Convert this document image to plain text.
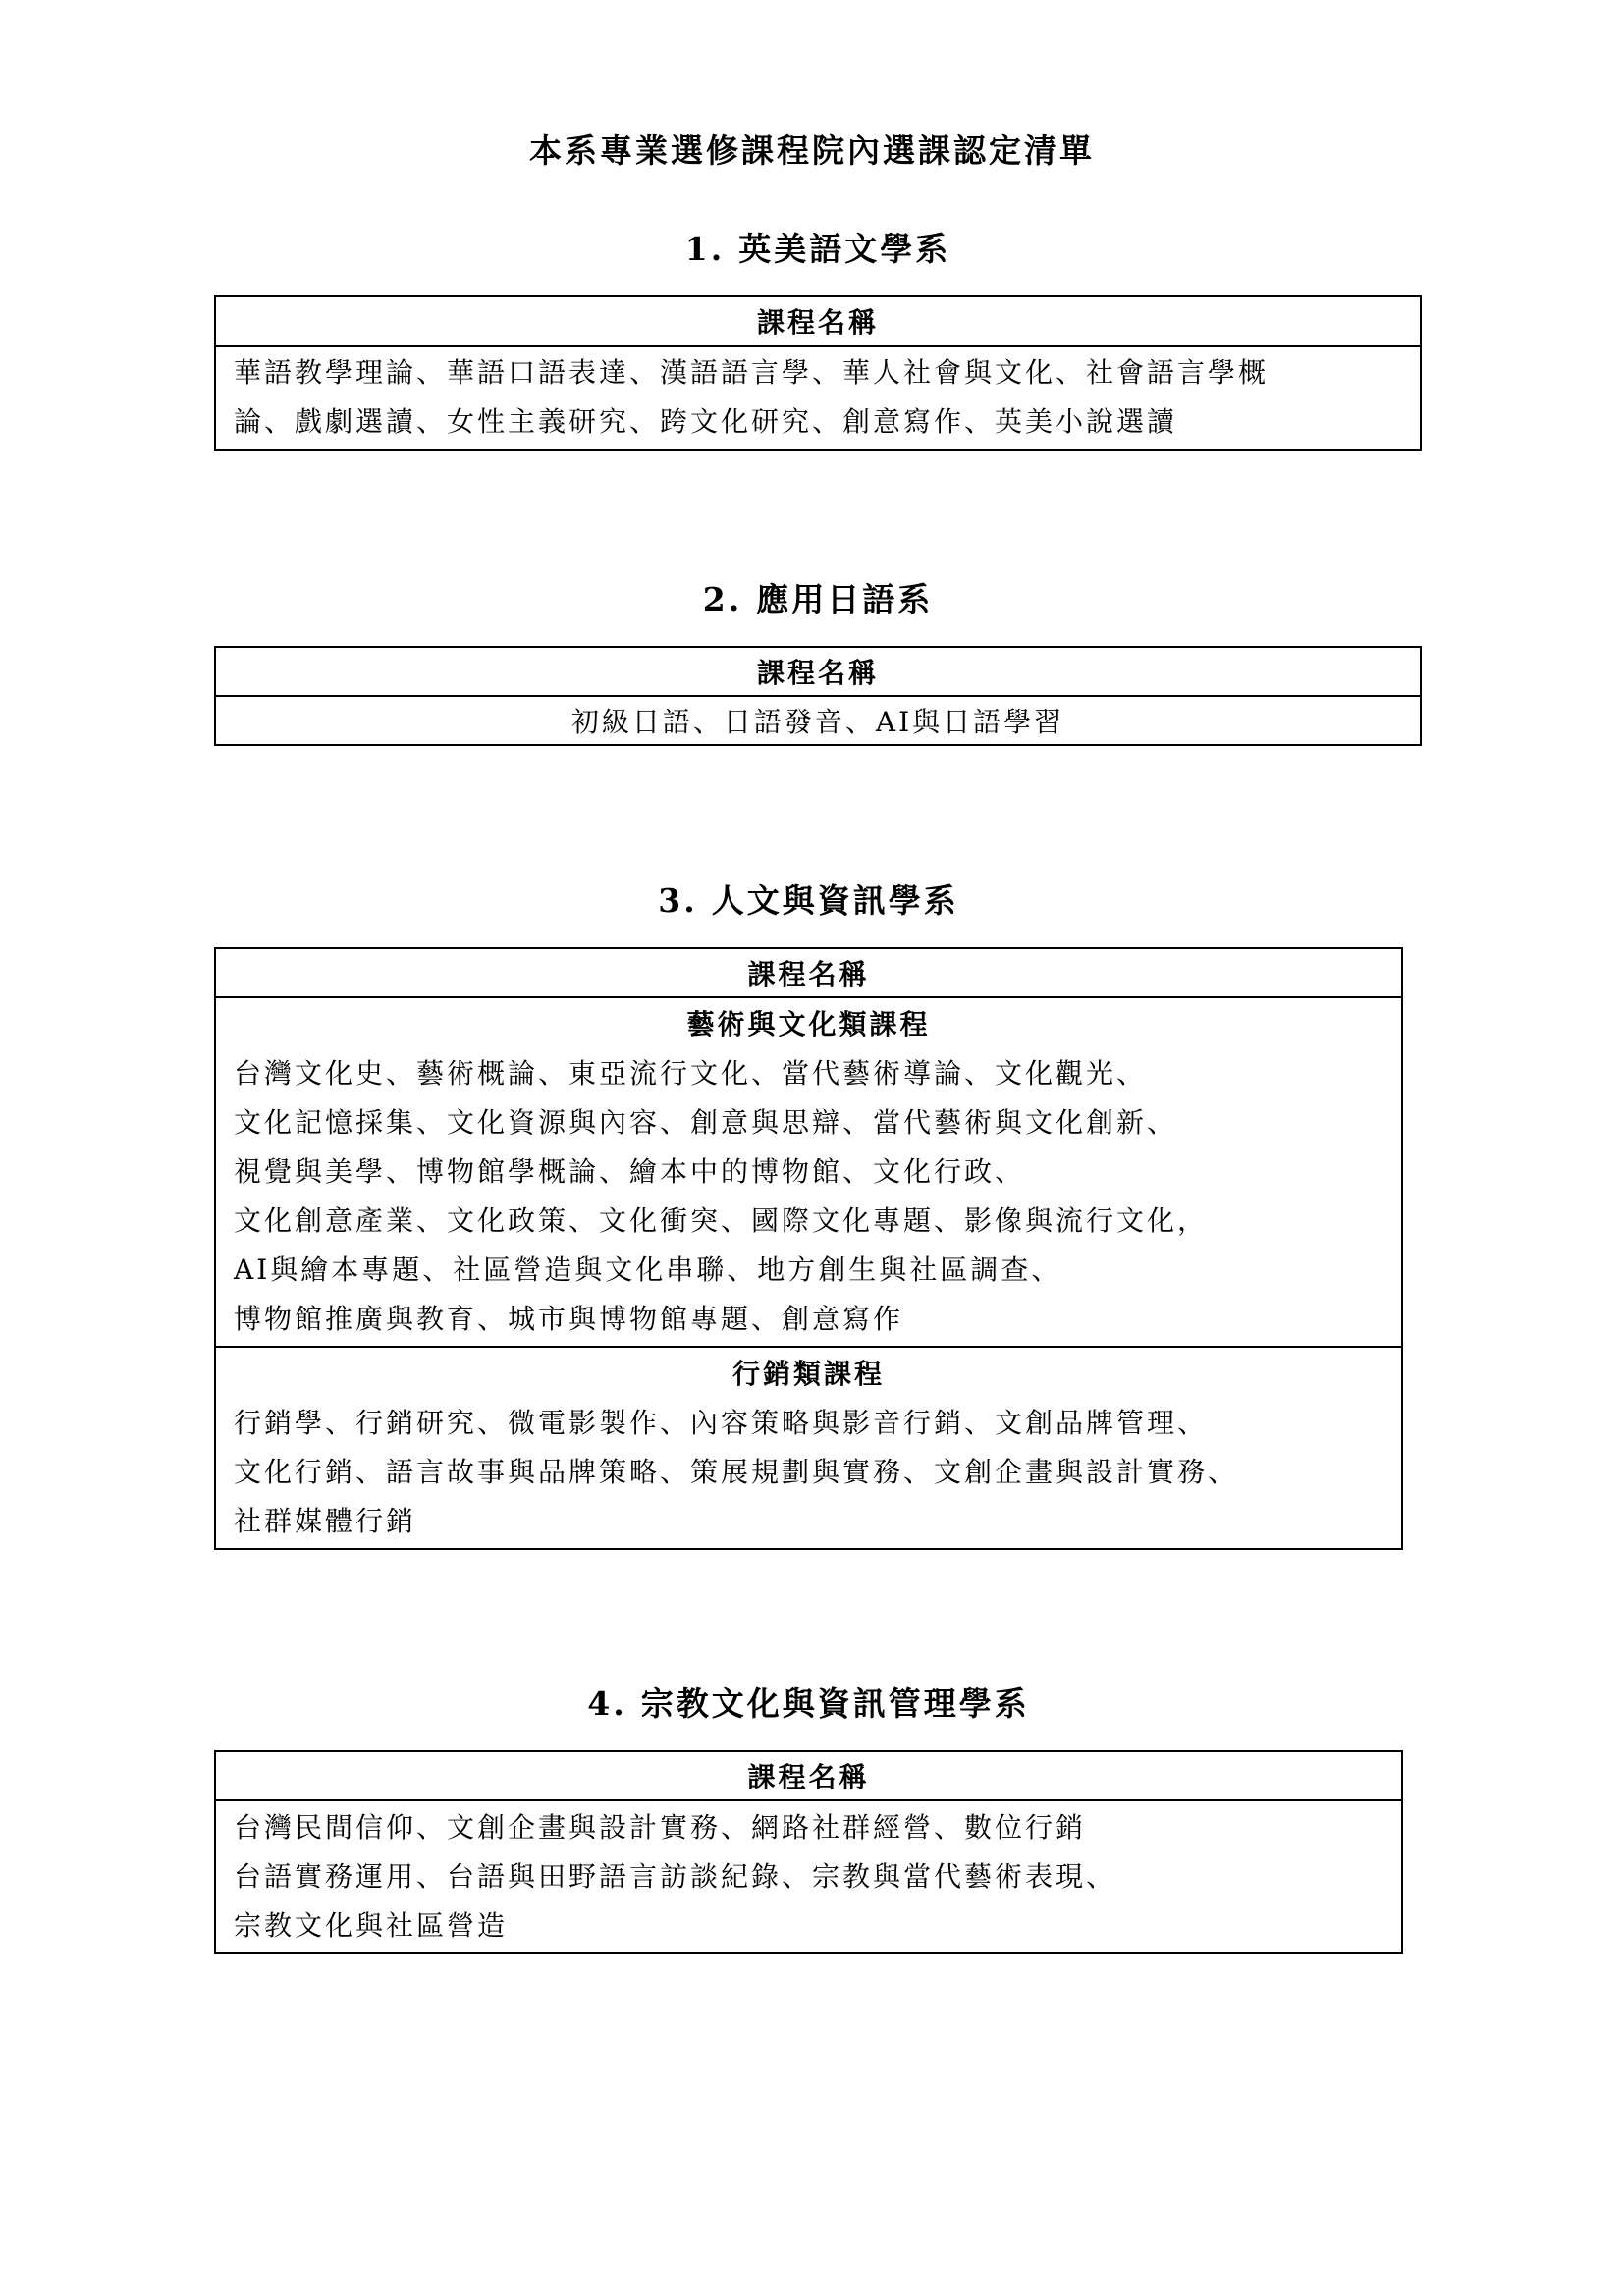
本系專業選修課程院內選課認定清單
1. 英美語文學系
課程名稱

華語教學理論、華語口語表達、漢語語言學、華人社會與文化、社會語言學概
論、戲劇選讀、女性主義研究、跨文化研究、創意寫作、英美小說選讀
2. 應用日語系
課程名稱
初級日語、日語發音、AI與日語學習
3. 人文與資訊學系
課程名稱

藝術與文化類課程
台灣文化史、藝術概論、東亞流行文化、當代藝術導論、文化觀光、
文化記憶採集、文化資源與內容、創意與思辯、當代藝術與文化創新、
視覺與美學、博物館學概論、繪本中的博物館、文化行政、
文化創意產業、文化政策、文化衝突、國際文化專題、影像與流行文化，
AI與繪本專題、社區營造與文化串聯、地方創生與社區調查、
博物館推廣與教育、城市與博物館專題、創意寫作

行銷類課程
行銷學、行銷研究、微電影製作、內容策略與影音行銷、文創品牌管理、
文化行銷、語言故事與品牌策略、策展規劃與實務、文創企畫與設計實務、
社群媒體行銷
4. 宗教文化與資訊管理學系
課程名稱

台灣民間信仰、文創企畫與設計實務、網路社群經營、數位行銷
台語實務運用、台語與田野語言訪談紀錄、宗教與當代藝術表現、
宗教文化與社區營造
